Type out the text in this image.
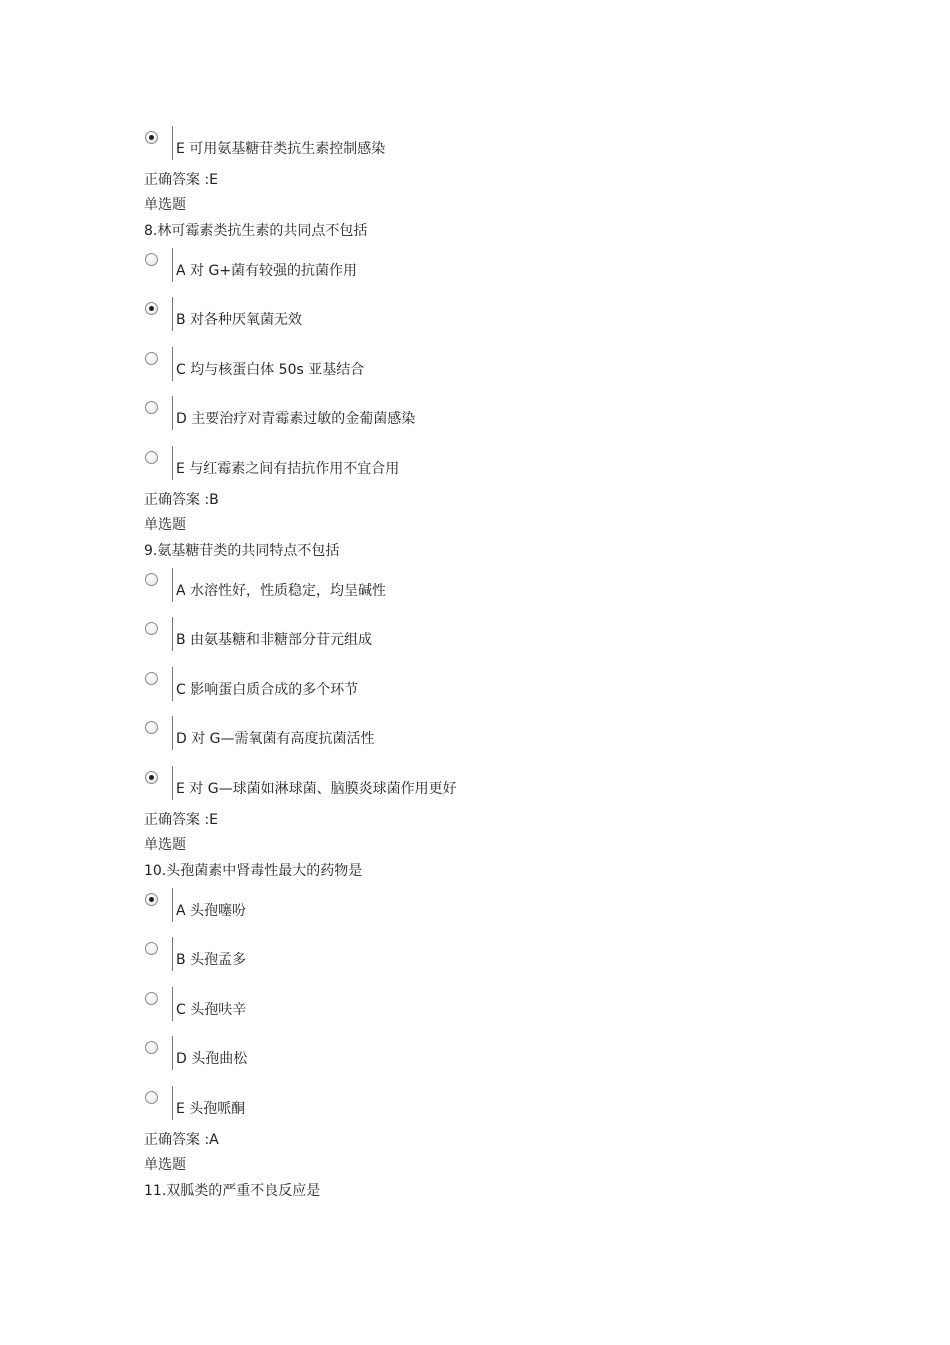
E 可用氨基糖苷类抗生素控制感染
正确答案 :E
单选题
8.林可霉素类抗生素的共同点不包括
A 对 G+菌有较强的抗菌作用
B 对各种厌氧菌无效
C 均与核蛋白体 50s 亚基结合
D 主要治疗对青霉素过敏的金葡菌感染
E 与红霉素之间有拮抗作用不宜合用
正确答案 :B
单选题
9.氨基糖苷类的共同特点不包括
A 水溶性好，性质稳定，均呈碱性
B 由氨基糖和非糖部分苷元组成
C 影响蛋白质合成的多个环节
D 对 G—需氧菌有高度抗菌活性
E 对 G—球菌如淋球菌、脑膜炎球菌作用更好
正确答案 :E
单选题
10.头孢菌素中肾毒性最大的药物是
A 头孢噻吩
B 头孢孟多
C 头孢呋辛
D 头孢曲松
E 头孢哌酮
正确答案 :A
单选题
11.双胍类的严重不良反应是
